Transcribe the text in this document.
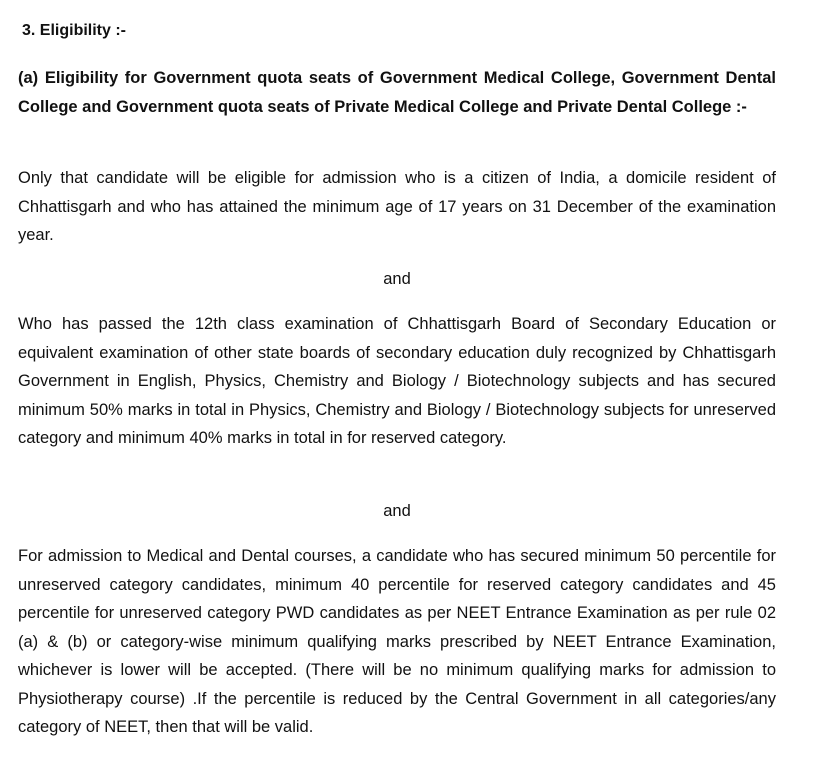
3. Eligibility :-
(a) Eligibility for Government quota seats of Government Medical College, Government Dental College and Government quota seats of Private Medical College and Private Dental College :-
Only that candidate will be eligible for admission who is a citizen of India, a domicile resident of Chhattisgarh and who has attained the minimum age of 17 years on 31 December of the examination year.
and
Who has passed the 12th class examination of Chhattisgarh Board of Secondary Education or equivalent examination of other state boards of secondary education duly recognized by Chhattisgarh Government in English, Physics, Chemistry and Biology / Biotechnology subjects and has secured minimum 50% marks in total in Physics, Chemistry and Biology / Biotechnology subjects for unreserved category and minimum 40% marks in total in for reserved category.
and
For admission to Medical and Dental courses, a candidate who has secured minimum 50 percentile for unreserved category candidates, minimum 40 percentile for reserved category candidates and 45 percentile for unreserved category PWD candidates as per NEET Entrance Examination as per rule 02 (a) & (b) or category-wise minimum qualifying marks prescribed by NEET Entrance Examination, whichever is lower will be accepted. (There will be no minimum qualifying marks for admission to Physiotherapy course) .If the percentile is reduced by the Central Government in all categories/any category of NEET, then that will be valid.
